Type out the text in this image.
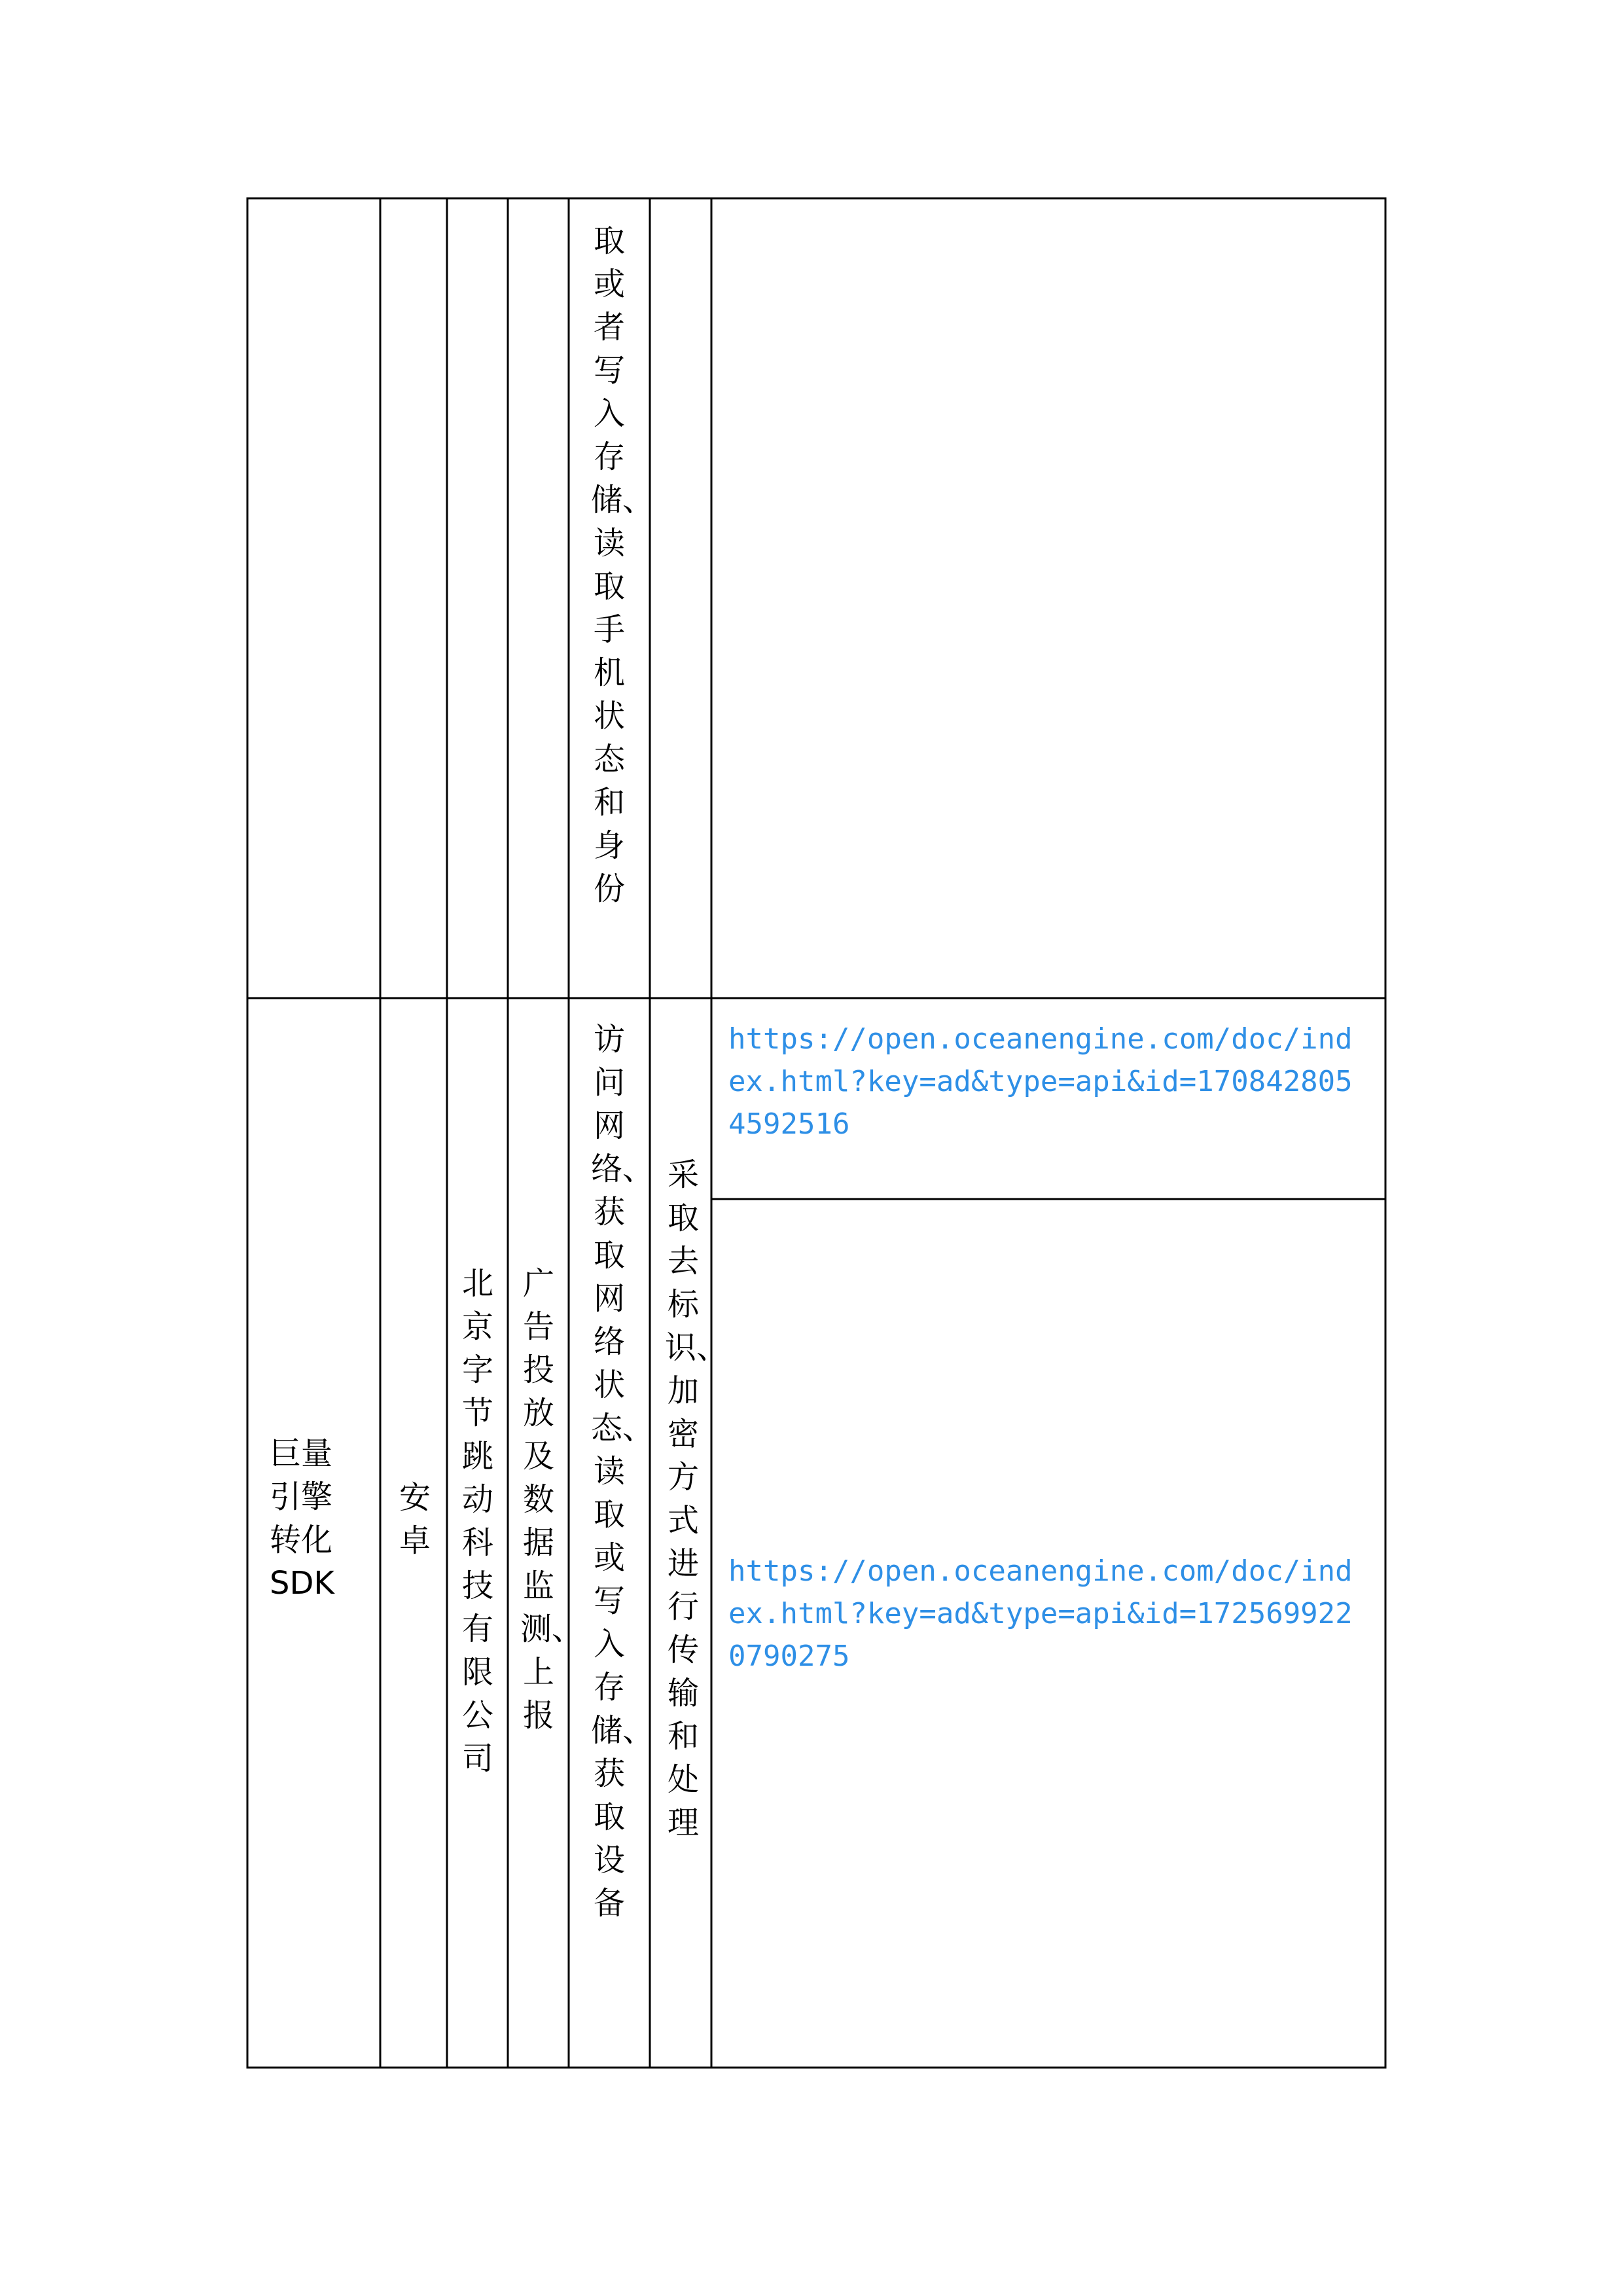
取或者写入存储、读取手机状态和身份
巨量
引擎
转化
SDK
安卓
北京字节跳动科技有限公司
广告投放及数据监测、上报
访问网络、获取网络状态、读取或写入存储、获取设备
采取去标识、加密方式进行传输和处理
https://open.oceanengine.com/doc/index.html?key=ad&type=api&id=1708428054592516
https://open.oceanengine.com/doc/index.html?key=ad&type=api&id=1725699220790275
